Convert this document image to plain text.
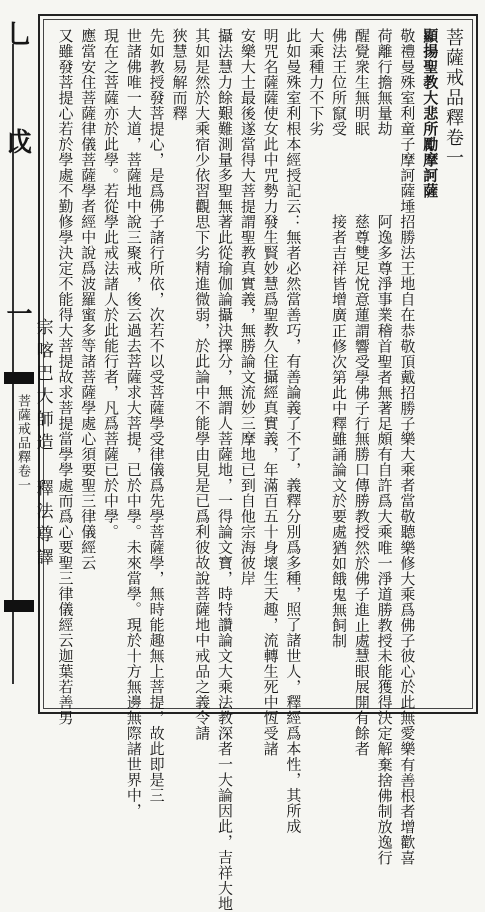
乚
戉
一
菩薩戒品釋卷一
菩薩戒品釋卷一
顯揚聖教大悲所勵摩訶薩
敬禮曼殊室利童子摩訶薩埵
荷離行擔無量劫
醒覺衆生無明眠
佛法王位所竄受
招勝法王地自在
阿逸多尊淨事業
慈尊雙足悅意蓮
接者吉祥皆增廣
恭敬頂戴招勝子
稽首聖者無著足
謂響受學佛子行
正修次第此中釋
樂大乘者當敬聽
頗有自許爲大乘
無勝口傳勝教授
雖誦論文於要處
樂修大乘爲佛子
唯一淨道勝教授
然於佛子進止處
猶如餓鬼無飼制
彼心於此無愛樂
未能獲得決定解
慧眼展開有餘者
有善根者增歡喜
棄捨佛制放逸行
大乘種力不下劣
此如曼殊室利根本經授記云：無者必然當善巧，有善論義了不了，義釋分別爲多種，照了諸世人，釋經爲本性，其所成
明咒名薩薩使女此中咒勢力發生賢妙慧爲聖教久住攝經真實義，年滿百五十身壞生天趣，流轉生死中恆受諸
安樂大士最後遂當得大菩提謂聖教真實義，無勝論文流妙三摩地已到自他宗海彼岸
攝法慧力餘艱難測量多聖無著此從瑜伽論攝決擇分，無謂人菩薩地，一得論文寶，時特讚論文大乘法教深者一大論因此，吉祥大地
其如是然於大乘宿少依習觀思下劣精進微弱，於此論中不能學由見是已爲利彼故說菩薩地中戒品之義令請
狹慧易解而釋
先如教授發菩提心，是爲佛子諸行所依，次若不以受菩薩學受律儀爲先學菩薩學，無時能趣無上菩提，故此即是三
世諸佛唯一大道，菩薩地中說三聚戒，後云過去菩薩求大菩提，已於中學。未來當學。現於十方無邊無際諸世界中，
現在之菩薩亦於此學。若從學此戒法諸人於此能行者，凡爲菩薩已於中學。
應當安住菩薩律儀菩薩學者經中說爲波羅蜜多等諸菩薩學處心須要聖三律儀經云
又雖發菩提心若於學處不勤修學決定不能得大菩提故求菩提當學學處而爲心要聖三律儀經云迦葉若善男
宗喀巴大師造　釋法尊譯
